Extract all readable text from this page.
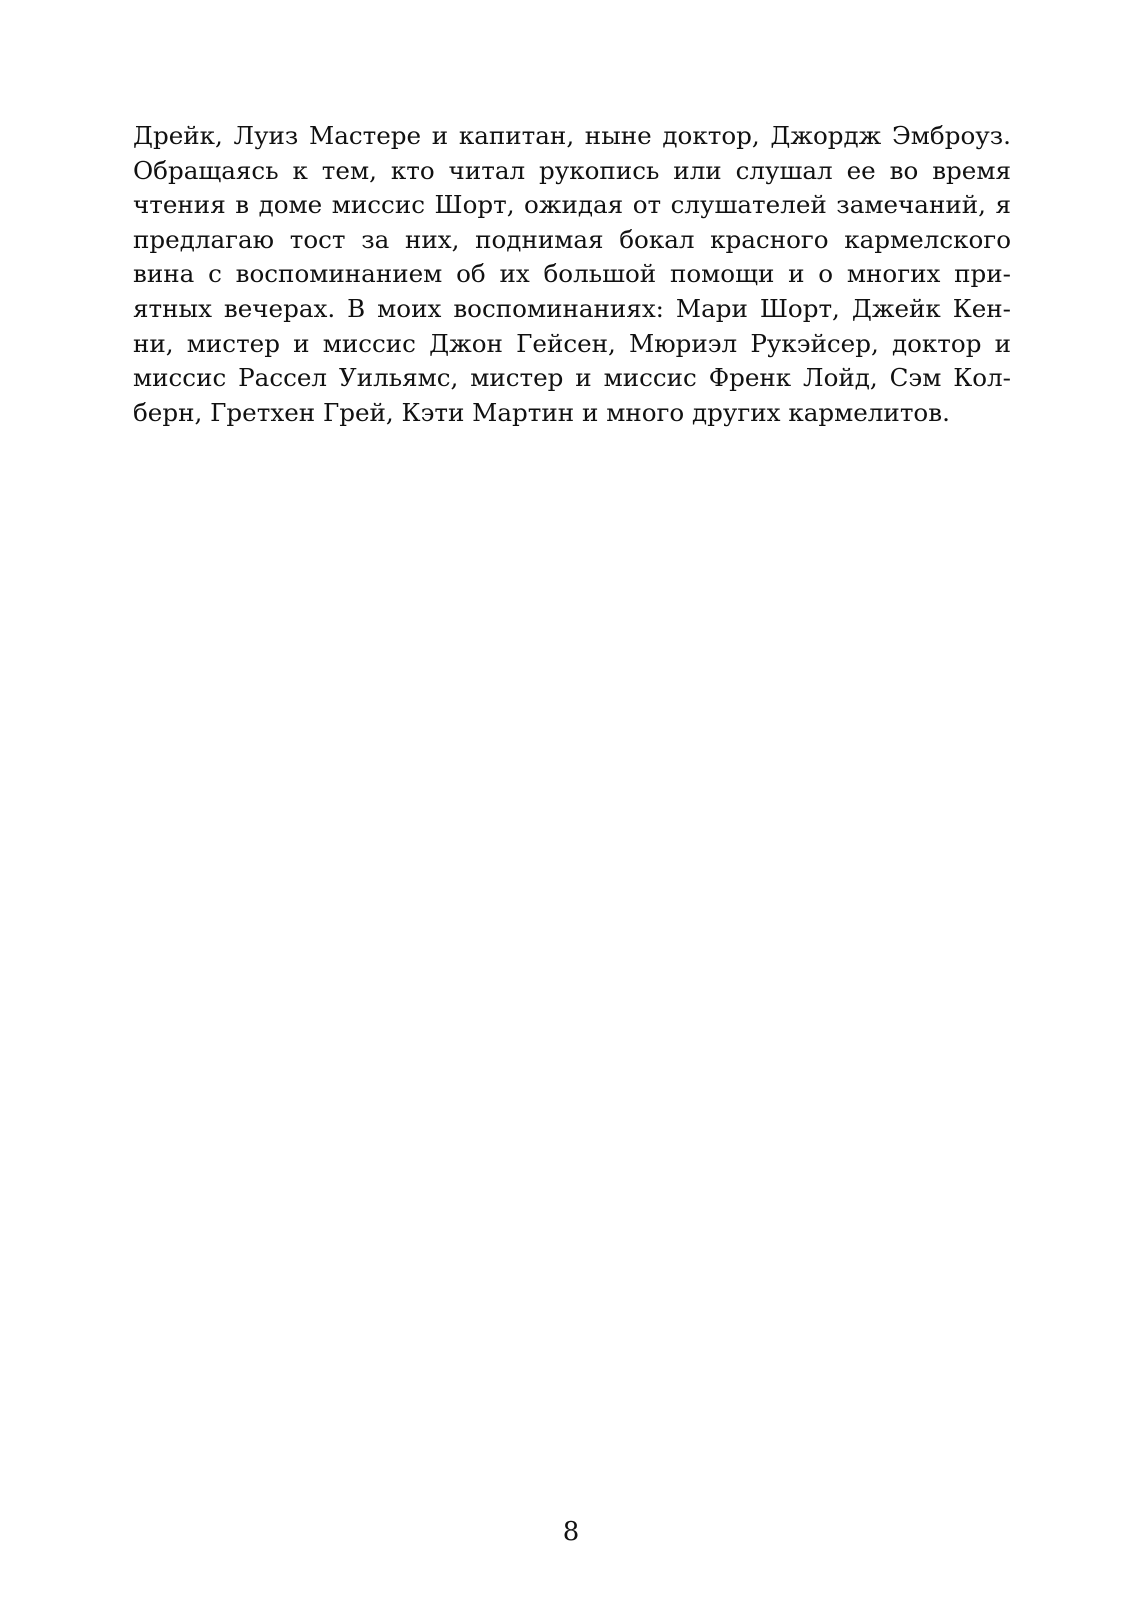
Дрейк, Луиз Мастере и капитан, ныне доктор, Джордж Эмброуз.
Обращаясь к тем, кто читал рукопись или слушал ее во время
чтения в доме миссис Шорт, ожидая от слушателей замечаний, я
предлагаю тост за них, поднимая бокал красного кармелского
вина с воспоминанием об их большой помощи и о многих при-
ятных вечерах. В моих воспоминаниях: Мари Шорт, Джейк Кен-
ни, мистер и миссис Джон Гейсен, Мюриэл Рукэйсер, доктор и
миссис Рассел Уильямс, мистер и миссис Френк Лойд, Сэм Кол-
берн, Гретхен Грей, Кэти Мартин и много других кармелитов.
8
